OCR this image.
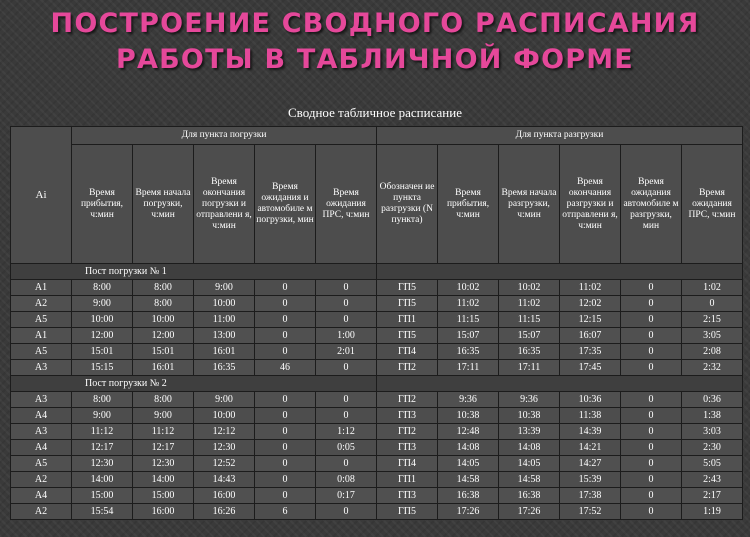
ПОСТРОЕНИЕ СВОДНОГО РАСПИСАНИЯ
РАБОТЫ В ТАБЛИЧНОЙ ФОРМЕ
Сводное табличное расписание
Ai	Для пункта погрузки					Для пункта разгрузки					
	Время прибытия, ч:мин	Время начала погрузки, ч:мин	Время окончания погрузки и отправлени я, ч:мин	Время ожидания и автомобиле м погрузки, мин	Время ожидания ПРС, ч:мин	Обозначен ие пункта разгрузки (N пункта)	Время прибытия, ч:мин	Время начала разгрузки, ч:мин	Время окончания разгрузки и отправлени я, ч:мин	Время ожидания автомобиле м разгрузки, мин	Время ожидания ПРС, ч:мин
Пост погрузки № 1											
А1	8:00	8:00	9:00	0	0	ГП5	10:02	10:02	11:02	0	1:02
А2	9:00	8:00	10:00	0	0	ГП5	11:02	11:02	12:02	0	0
А5	10:00	10:00	11:00	0	0	ГП1	11:15	11:15	12:15	0	2:15
А1	12:00	12:00	13:00	0	1:00	ГП5	15:07	15:07	16:07	0	3:05
А5	15:01	15:01	16:01	0	2:01	ГП4	16:35	16:35	17:35	0	2:08
А3	15:15	16:01	16:35	46	0	ГП2	17:11	17:11	17:45	0	2:32
Пост погрузки № 2											
А3	8:00	8:00	9:00	0	0	ГП2	9:36	9:36	10:36	0	0:36
А4	9:00	9:00	10:00	0	0	ГП3	10:38	10:38	11:38	0	1:38
А3	11:12	11:12	12:12	0	1:12	ГП2	12:48	13:39	14:39	0	3:03
А4	12:17	12:17	12:30	0	0:05	ГП3	14:08	14:08	14:21	0	2:30
А5	12:30	12:30	12:52	0	0	ГП4	14:05	14:05	14:27	0	5:05
А2	14:00	14:00	14:43	0	0:08	ГП1	14:58	14:58	15:39	0	2:43
А4	15:00	15:00	16:00	0	0:17	ГП3	16:38	16:38	17:38	0	2:17
А2	15:54	16:00	16:26	6	0	ГП5	17:26	17:26	17:52	0	1:19
